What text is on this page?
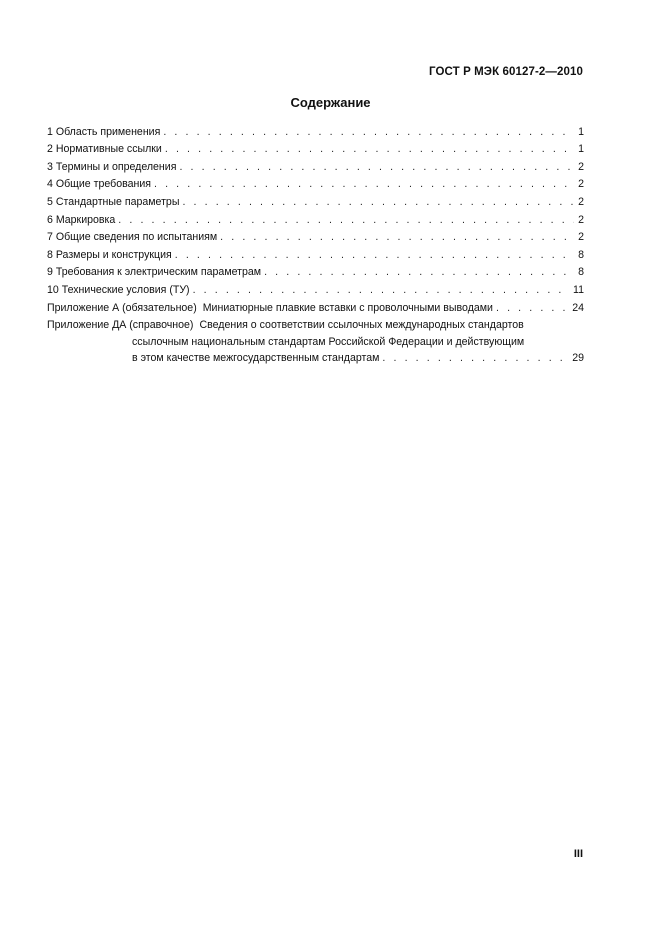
ГОСТ Р МЭК 60127-2—2010
Содержание
1 Область применения . . .	1
2 Нормативные ссылки . . .	1
3 Термины и определения . . .	2
4 Общие требования . . .	2
5 Стандартные параметры . . .	2
6 Маркировка . . .	2
7 Общие сведения по испытаниям . . .	2
8 Размеры и конструкция . . .	8
9 Требования к электрическим параметрам . . .	8
10 Технические условия (ТУ) . . .	11
Приложение А (обязательное) Миниатюрные плавкие вставки с проволочными выводами . . .	24
Приложение ДА (справочное) Сведения о соответствии ссылочных международных стандартов
ссылочным национальным стандартам Российской Федерации и действующим
в этом качестве межгосударственным стандартам . . .	29
III
